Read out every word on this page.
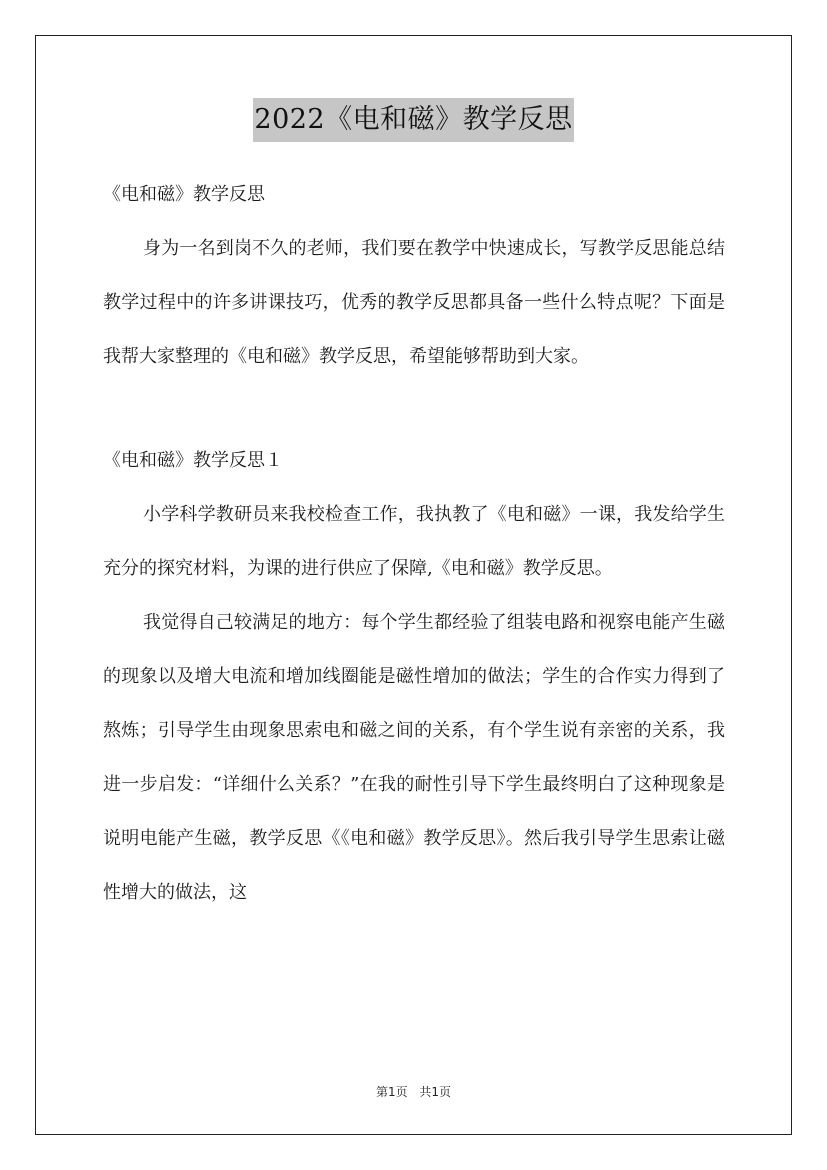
2022《电和磁》教学反思

《电和磁》教学反思

身为一名到岗不久的老师，我们要在教学中快速成长，写教学反思能总结教学过程中的许多讲课技巧，优秀的教学反思都具备一些什么特点呢？下面是我帮大家整理的《电和磁》教学反思，希望能够帮助到大家。

《电和磁》教学反思１

小学科学教研员来我校检查工作，我执教了《电和磁》一课，我发给学生充分的探究材料，为课的进行供应了保障,《电和磁》教学反思。

我觉得自己较满足的地方：每个学生都经验了组装电路和视察电能产生磁的现象以及增大电流和增加线圈能是磁性增加的做法；学生的合作实力得到了熬炼；引导学生由现象思索电和磁之间的关系，有个学生说有亲密的关系，我进一步启发：“详细什么关系？”在我的耐性引导下学生最终明白了这种现象是说明电能产生磁，教学反思《《电和磁》教学反思》。然后我引导学生思索让磁性增大的做法，这

第1页 共1页
